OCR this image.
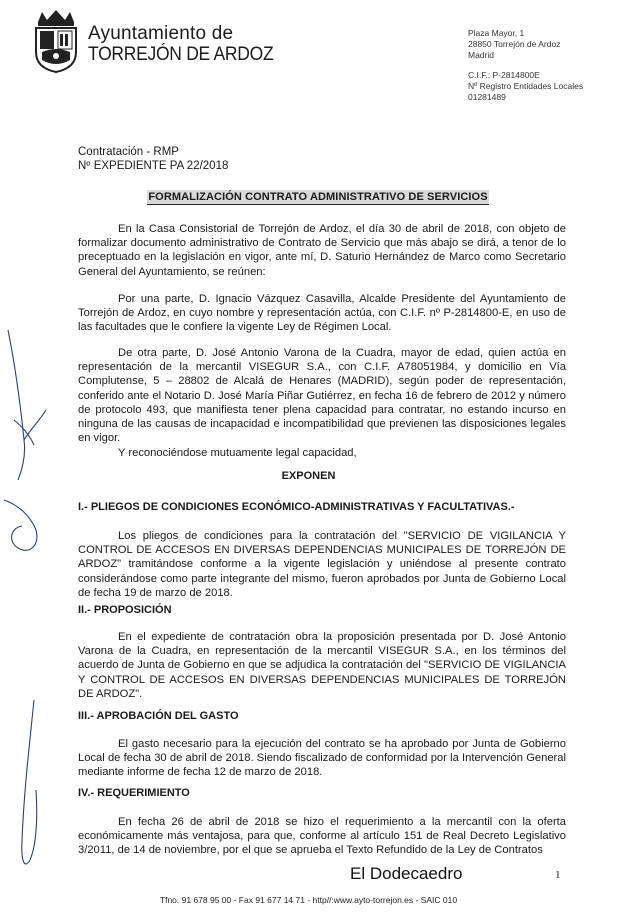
Ayuntamiento de
TORREJÓN DE ARDOZ
Plaza Mayor, 1
28850 Torrejón de Ardoz
Madrid
C.I.F.: P-2814800E
Nº Registro Entidades Locales
01281489
Contratación - RMP
Nº EXPEDIENTE PA 22/2018
FORMALIZACIÓN CONTRATO ADMINISTRATIVO DE SERVICIOS
En la Casa Consistorial de Torrejón de Ardoz, el día 30 de abril de 2018, con objeto de formalizar documento administrativo de Contrato de Servicio que más abajo se dirá, a tenor de lo preceptuado en la legislación en vigor, ante mí, D. Saturio Hernández de Marco como Secretario General del Ayuntamiento, se reúnen:
Por una parte, D. Ignacio Vázquez Casavilla, Alcalde Presidente del Ayuntamiento de Torrejón de Ardoz, en cuyo nombre y representación actúa, con C.I.F. nº P-2814800-E, en uso de las facultades que le confiere la vigente Ley de Régimen Local.
De otra parte, D. José Antonio Varona de la Cuadra, mayor de edad, quien actúa en representación de la mercantil VISEGUR S.A., con C.I.F. A78051984, y domicilio en Vía Complutense, 5 – 28802 de Alcalá de Henares (MADRID), según poder de representación, conferido ante el Notario D. José María Piñar Gutiérrez, en fecha 16 de febrero de 2012 y número de protocolo 493, que manifiesta tener plena capacidad para contratar, no estando incurso en ninguna de las causas de incapacidad e incompatibilidad que previenen las disposiciones legales en vigor.
Y reconociéndose mutuamente legal capacidad,
EXPONEN
I.- PLIEGOS DE CONDICIONES ECONÓMICO-ADMINISTRATIVAS Y FACULTATIVAS.-
Los pliegos de condiciones para la contratación del "SERVICIO DE VIGILANCIA Y CONTROL DE ACCESOS EN DIVERSAS DEPENDENCIAS MUNICIPALES DE TORREJÓN DE ARDOZ" tramitándose conforme a la vigente legislación y uniéndose al presente contrato considerándose como parte integrante del mismo, fueron aprobados por Junta de Gobierno Local de fecha 19 de marzo de 2018.
II.- PROPOSICIÓN
En el expediente de contratación obra la proposición presentada por D. José Antonio Varona de la Cuadra, en representación de la mercantil VISEGUR S.A., en los términos del acuerdo de Junta de Gobierno en que se adjudica la contratación del "SERVICIO DE VIGILANCIA Y CONTROL DE ACCESOS EN DIVERSAS DEPENDENCIAS MUNICIPALES DE TORREJÓN DE ARDOZ".
III.- APROBACIÓN DEL GASTO
El gasto necesario para la ejecución del contrato se ha aprobado por Junta de Gobierno Local de fecha 30 de abril de 2018. Siendo fiscalizado de conformidad por la Intervención General mediante informe de fecha 12 de marzo de 2018.
IV.- REQUERIMIENTO
En fecha 26 de abril de 2018 se hizo el requerimiento a la mercantil con la oferta económicamente más ventajosa, para que, conforme al artículo 151 de Real Decreto Legislativo 3/2011, de 14 de noviembre, por el que se aprueba el Texto Refundido de la Ley de Contratos
El Dodecaedro	1
Tfno. 91 678 95 00 - Fax 91 677 14 71 - http//:www.ayto-torrejon.es - SAIC 010
